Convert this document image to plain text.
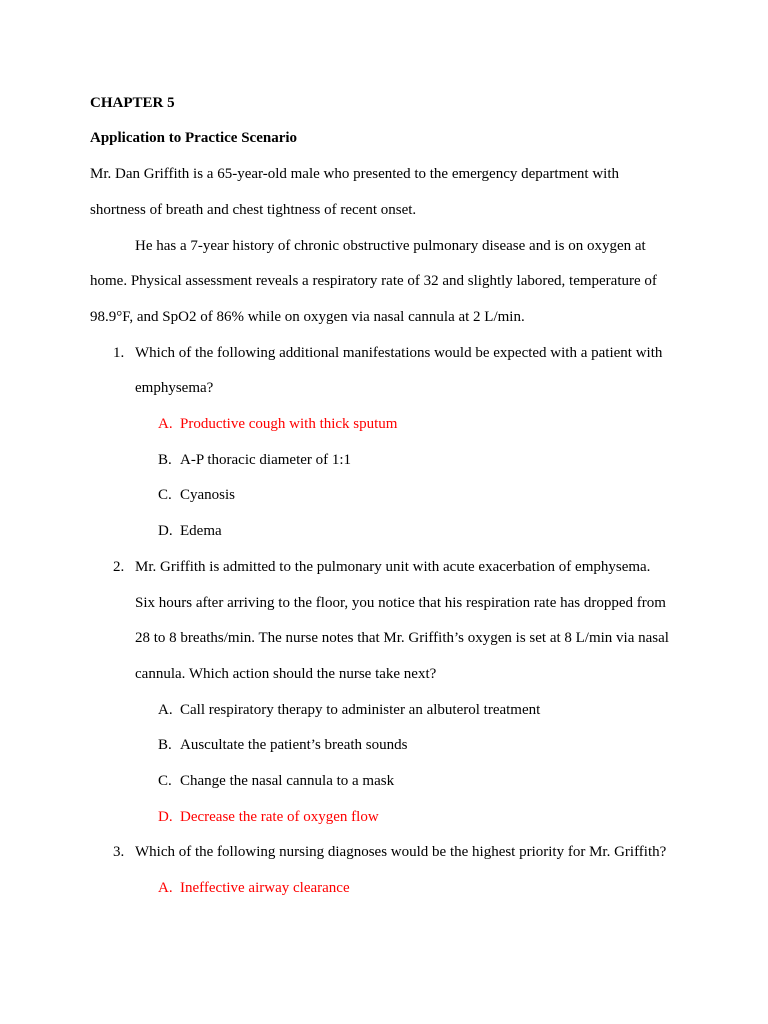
CHAPTER 5
Application to Practice Scenario
Mr. Dan Griffith is a 65-year-old male who presented to the emergency department with
shortness of breath and chest tightness of recent onset.
He has a 7-year history of chronic obstructive pulmonary disease and is on oxygen at
home. Physical assessment reveals a respiratory rate of 32 and slightly labored, temperature of
98.9°F, and SpO2 of 86% while on oxygen via nasal cannula at 2 L/min.
1. Which of the following additional manifestations would be expected with a patient with
emphysema?
A. Productive cough with thick sputum
B. A-P thoracic diameter of 1:1
C. Cyanosis
D. Edema
2. Mr. Griffith is admitted to the pulmonary unit with acute exacerbation of emphysema.
Six hours after arriving to the floor, you notice that his respiration rate has dropped from
28 to 8 breaths/min. The nurse notes that Mr. Griffith’s oxygen is set at 8 L/min via nasal
cannula. Which action should the nurse take next?
A. Call respiratory therapy to administer an albuterol treatment
B. Auscultate the patient’s breath sounds
C. Change the nasal cannula to a mask
D. Decrease the rate of oxygen flow
3. Which of the following nursing diagnoses would be the highest priority for Mr. Griffith?
A. Ineffective airway clearance
